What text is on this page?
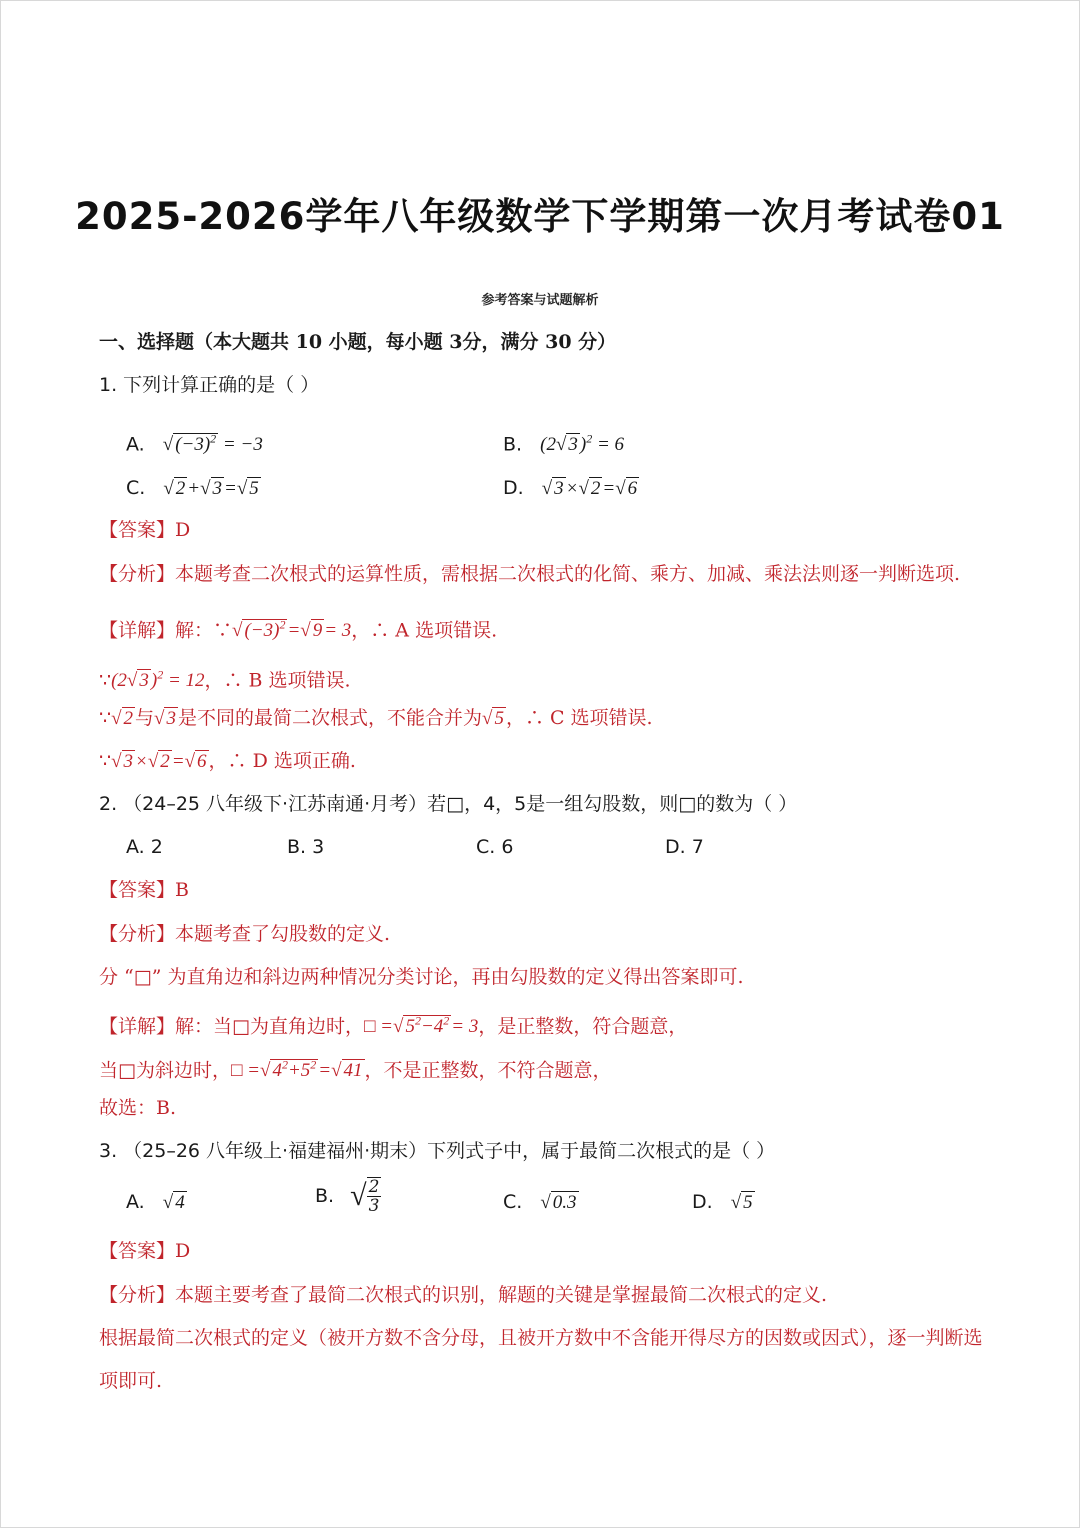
2025-2026学年八年级数学下学期第一次月考试卷01
参考答案与试题解析
一、选择题（本大题共 10 小题，每小题 3分，满分 30 分）
1. 下列计算正确的是（ ）
A. √ $(-3)^2 = -3$	B. (2√ 3 )$^2$ = 6
C. √ 2 +√ 3 =√ 5	D. √ 3 ×√ 2 =√ 6
【答案】D
【分析】本题考查二次根式的运算性质，需根据二次根式的化简、乘方、加减、乘法法则逐一判断选项.
【详解】解：∵√ $(-3)^2$ =√ 9 = 3，∴ A 选项错误.
∵(2√ 3 )$^2$ = 12，∴ B 选项错误.
∵√ 2 与√ 3 是不同的最简二次根式，不能合并为√ 5 ，∴ C 选项错误.
∵√ 3 ×√ 2 =√ 6 ，∴ D 选项正确.
2. （24–25 八年级下·江苏南通·月考）若□，4，5是一组勾股数，则□的数为（ ）
A. 2	B. 3	C. 6	D. 7
【答案】B
【分析】本题考查了勾股数的定义.
分 “□” 为直角边和斜边两种情况分类讨论，再由勾股数的定义得出答案即可.
【详解】解：当□为直角边时，□ =√ $5^2-4^2 = 3$，是正整数，符合题意，
当□为斜边时，□ =√ $4^2+5^2$ =√ 41 ，不是正整数，不符合题意，
故选：B.
3. （25–26 八年级上·福建福州·期末）下列式子中，属于最简二次根式的是（ ）
A. √ 4	B. √ $\frac{2}{3}$	C. √ 0.3	D. √ 5
【答案】D
【分析】本题主要考查了最简二次根式的识别，解题的关键是掌握最简二次根式的定义.
根据最简二次根式的定义（被开方数不含分母，且被开方数中不含能开得尽方的因数或因式），逐一判断选
项即可.
